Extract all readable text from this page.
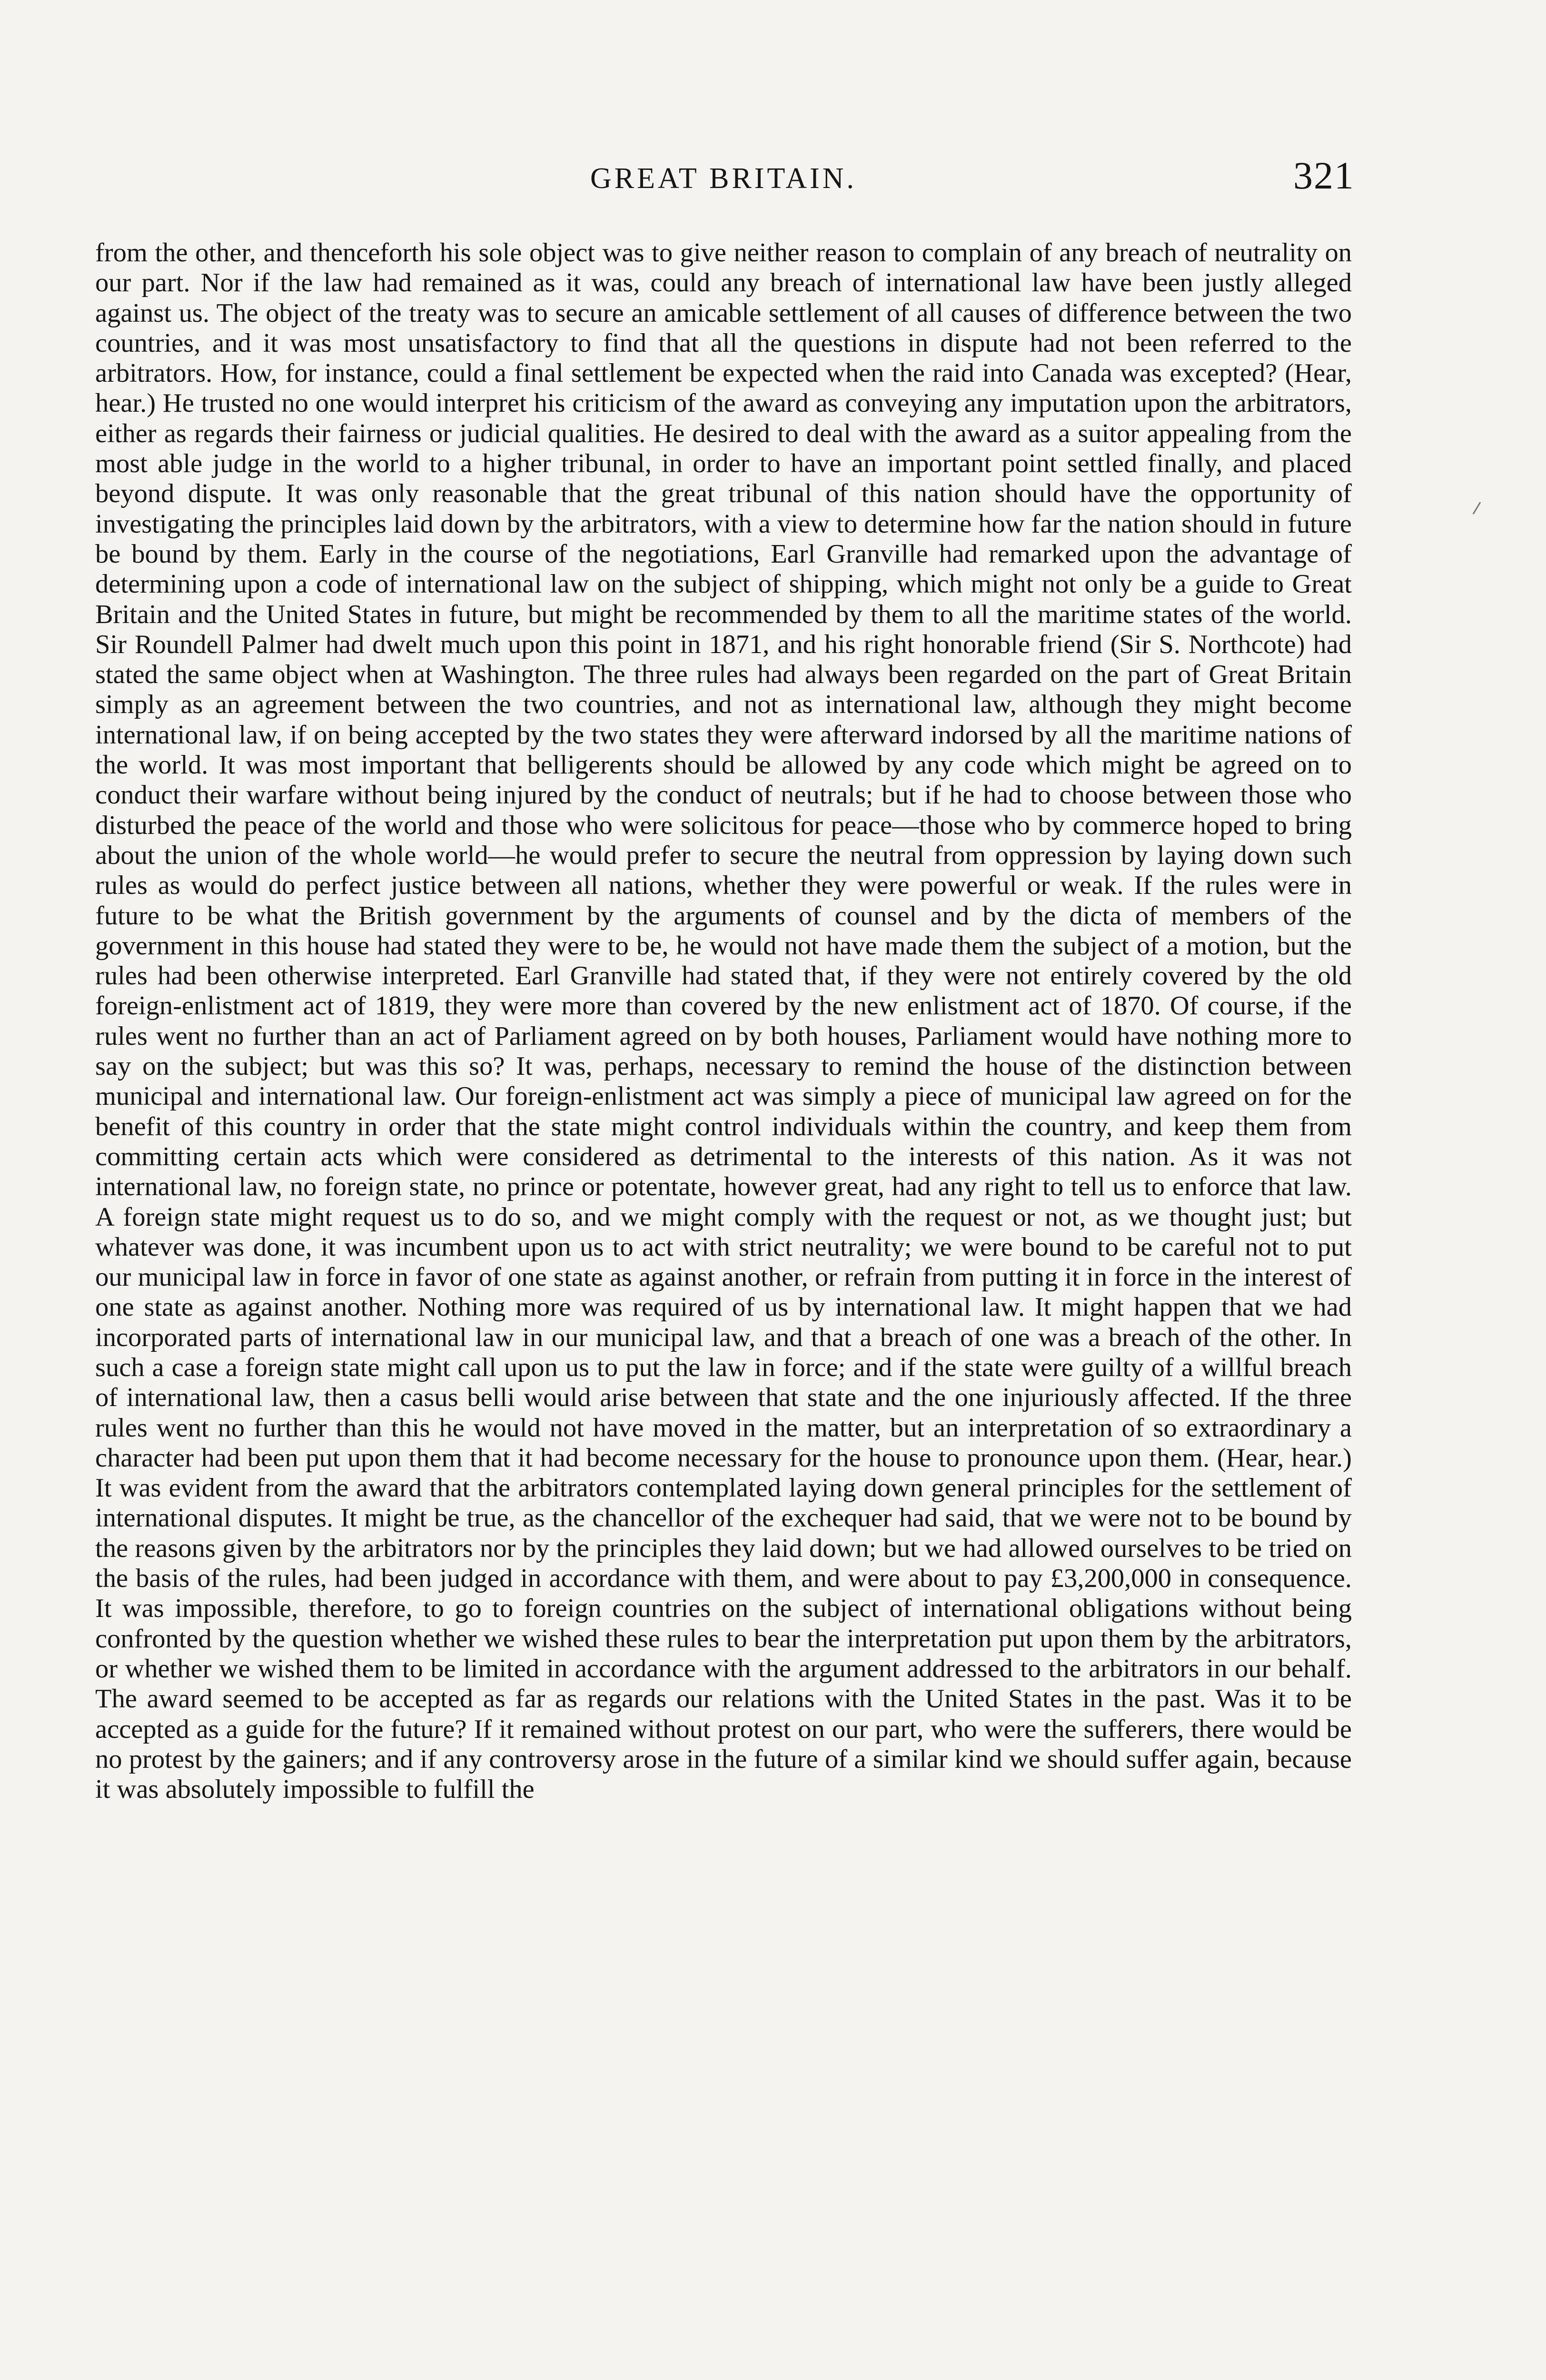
GREAT BRITAIN.	321

from the other, and thenceforth his sole object was to give neither reason to complain of any breach of neutrality on our part. Nor if the law had remained as it was, could any breach of international law have been justly alleged against us. The object of the treaty was to secure an amicable settlement of all causes of difference between the two countries, and it was most unsatisfactory to find that all the questions in dispute had not been referred to the arbitrators. How, for instance, could a final settlement be expected when the raid into Canada was excepted? (Hear, hear.) He trusted no one would interpret his criticism of the award as conveying any imputation upon the arbitrators, either as regards their fairness or judicial qualities. He desired to deal with the award as a suitor appealing from the most able judge in the world to a higher tribunal, in order to have an important point settled finally, and placed beyond dispute. It was only reasonable that the great tribunal of this nation should have the opportunity of investigating the principles laid down by the arbitrators, with a view to determine how far the nation should in future be bound by them. Early in the course of the negotiations, Earl Granville had remarked upon the advantage of determining upon a code of international law on the subject of shipping, which might not only be a guide to Great Britain and the United States in future, but might be recommended by them to all the maritime states of the world. Sir Roundell Palmer had dwelt much upon this point in 1871, and his right honorable friend (Sir S. Northcote) had stated the same object when at Washington. The three rules had always been regarded on the part of Great Britain simply as an agreement between the two countries, and not as international law, although they might become international law, if on being accepted by the two states they were afterward indorsed by all the maritime nations of the world. It was most important that belligerents should be allowed by any code which might be agreed on to conduct their warfare without being injured by the conduct of neutrals; but if he had to choose between those who disturbed the peace of the world and those who were solicitous for peace—those who by commerce hoped to bring about the union of the whole world—he would prefer to secure the neutral from oppression by laying down such rules as would do perfect justice between all nations, whether they were powerful or weak. If the rules were in future to be what the British government by the arguments of counsel and by the dicta of members of the government in this house had stated they were to be, he would not have made them the subject of a motion, but the rules had been otherwise interpreted. Earl Granville had stated that, if they were not entirely covered by the old foreign-enlistment act of 1819, they were more than covered by the new enlistment act of 1870. Of course, if the rules went no further than an act of Parliament agreed on by both houses, Parliament would have nothing more to say on the subject; but was this so? It was, perhaps, necessary to remind the house of the distinction between municipal and international law. Our foreign-enlistment act was simply a piece of municipal law agreed on for the benefit of this country in order that the state might control individuals within the country, and keep them from committing certain acts which were considered as detrimental to the interests of this nation. As it was not international law, no foreign state, no prince or potentate, however great, had any right to tell us to enforce that law. A foreign state might request us to do so, and we might comply with the request or not, as we thought just; but whatever was done, it was incumbent upon us to act with strict neutrality; we were bound to be careful not to put our municipal law in force in favor of one state as against another, or refrain from putting it in force in the interest of one state as against another. Nothing more was required of us by international law. It might happen that we had incorporated parts of international law in our municipal law, and that a breach of one was a breach of the other. In such a case a foreign state might call upon us to put the law in force; and if the state were guilty of a willful breach of international law, then a casus belli would arise between that state and the one injuriously affected. If the three rules went no further than this he would not have moved in the matter, but an interpretation of so extraordinary a character had been put upon them that it had become necessary for the house to pronounce upon them. (Hear, hear.) It was evident from the award that the arbitrators contemplated laying down general principles for the settlement of international disputes. It might be true, as the chancellor of the exchequer had said, that we were not to be bound by the reasons given by the arbitrators nor by the principles they laid down; but we had allowed ourselves to be tried on the basis of the rules, had been judged in accordance with them, and were about to pay £3,200,000 in consequence. It was impossible, therefore, to go to foreign countries on the subject of international obligations without being confronted by the question whether we wished these rules to bear the interpretation put upon them by the arbitrators, or whether we wished them to be limited in accordance with the argument addressed to the arbitrators in our behalf. The award seemed to be accepted as far as regards our relations with the United States in the past. Was it to be accepted as a guide for the future? If it remained without protest on our part, who were the sufferers, there would be no protest by the gainers; and if any controversy arose in the future of a similar kind we should suffer again, because it was absolutely impossible to fulfill the
